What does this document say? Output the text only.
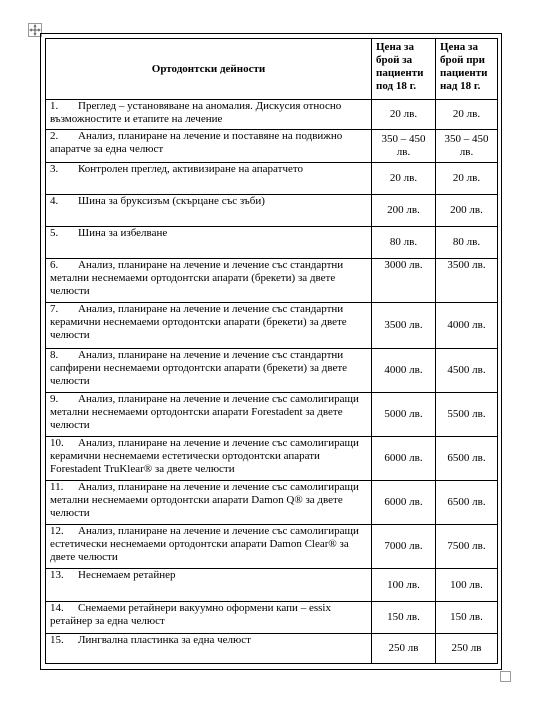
Ортодонтски дейности	Цена за брой за пациенти под 18 г.	Цена за брой при пациенти над 18 г.
1. Преглед – установяване на аномалия. Дискусия относно възможностите и етапите на лечение	20 лв.	20 лв.
2. Анализ, планиране на лечение и поставяне на подвижно апаратче за една челюст	350 – 450 лв.	350 – 450 лв.
3. Контролен преглед, активизиране на апаратчето	20 лв.	20 лв.
4. Шина за бруксизъм (скърцане със зъби)	200 лв.	200 лв.
5. Шина за избелване	80 лв.	80 лв.
6. Анализ, планиране на лечение и лечение със стандартни метални неснемаеми ортодонтски апарати (брекети) за двете челюсти	3000 лв.	3500 лв.
7. Анализ, планиране на лечение и лечение със стандартни керамични неснемаеми ортодонтски апарати (брекети) за двете челюсти	3500 лв.	4000 лв.
8. Анализ, планиране на лечение и лечение със стандартни сапфирени неснемаеми ортодонтски апарати (брекети) за двете челюсти	4000 лв.	4500 лв.
9. Анализ, планиране на лечение и лечение със самолигиращи метални неснемаеми ортодонтски апарати Forestadent за двете челюсти	5000 лв.	5500 лв.
10. Анализ, планиране на лечение и лечение със самолигиращи керамични неснемаеми естетически ортодонтски апарати Forestadent TruKlear® за двете челюсти	6000 лв.	6500 лв.
11. Анализ, планиране на лечение и лечение със самолигиращи метални неснемаеми ортодонтски апарати Damon Q® за двете челюсти	6000 лв.	6500 лв.
12. Анализ, планиране на лечение и лечение със самолигиращи естетически неснемаеми ортодонтски апарати Damon Clear® за двете челюсти	7000 лв.	7500 лв.
13. Неснемаем ретайнер	100 лв.	100 лв.
14. Снемаеми ретайнери вакуумно оформени капи – essix ретайнер за една челюст	150 лв.	150 лв.
15. Лингвална пластинка за една челюст	250 лв	250 лв
